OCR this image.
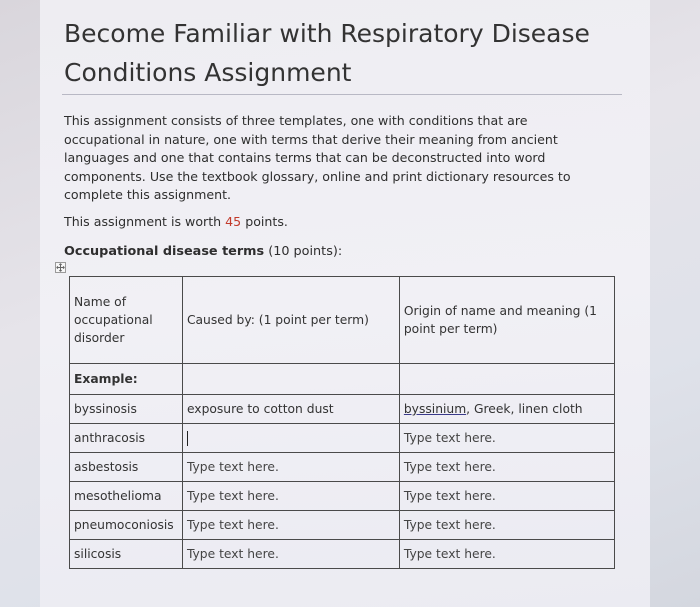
Become Familiar with Respiratory Disease Conditions Assignment

This assignment consists of three templates, one with conditions that are occupational in nature, one with terms that derive their meaning from ancient languages and one that contains terms that can be deconstructed into word components. Use the textbook glossary, online and print dictionary resources to complete this assignment.

This assignment is worth 45 points.

Occupational disease terms (10 points):

Name of occupational disorder	Caused by: (1 point per term)	Origin of name and meaning (1 point per term)
Example:		
byssinosis	exposure to cotton dust	byssinium, Greek, linen cloth
anthracosis		Type text here.
asbestosis	Type text here.	Type text here.
mesothelioma	Type text here.	Type text here.
pneumoconiosis	Type text here.	Type text here.
silicosis	Type text here.	Type text here.
